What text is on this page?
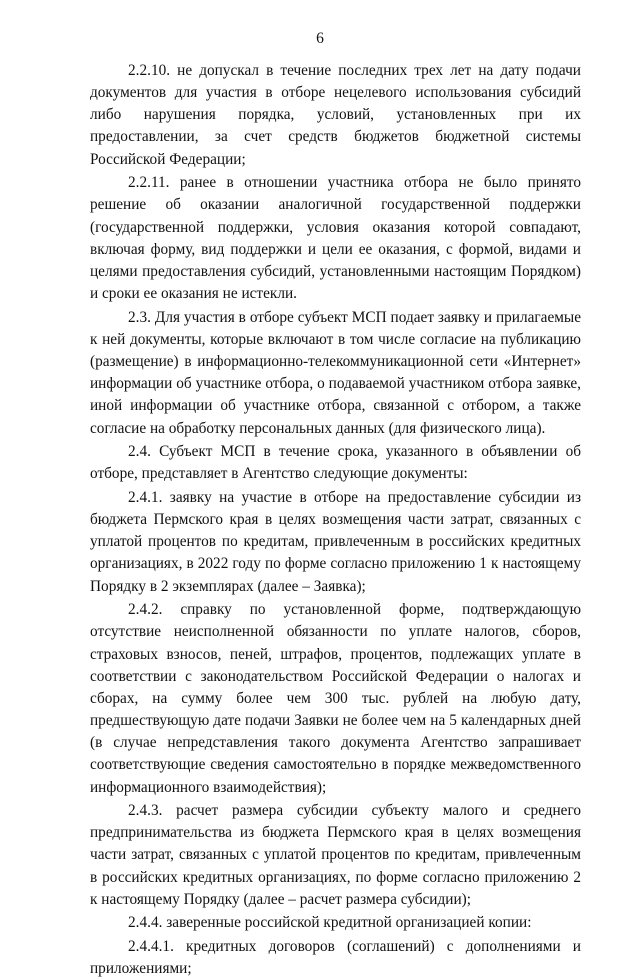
6

2.2.10. не допускал в течение последних трех лет на дату подачи документов для участия в отборе нецелевого использования субсидий либо нарушения порядка, условий, установленных при их предоставлении, за счет средств бюджетов бюджетной системы Российской Федерации;

2.2.11. ранее в отношении участника отбора не было принято решение об оказании аналогичной государственной поддержки (государственной поддержки, условия оказания которой совпадают, включая форму, вид поддержки и цели ее оказания, с формой, видами и целями предоставления субсидий, установленными настоящим Порядком) и сроки ее оказания не истекли.

2.3. Для участия в отборе субъект МСП подает заявку и прилагаемые к ней документы, которые включают в том числе согласие на публикацию (размещение) в информационно-телекоммуникационной сети «Интернет» информации об участнике отбора, о подаваемой участником отбора заявке, иной информации об участнике отбора, связанной с отбором, а также согласие на обработку персональных данных (для физического лица).

2.4. Субъект МСП в течение срока, указанного в объявлении об отборе, представляет в Агентство следующие документы:

2.4.1. заявку на участие в отборе на предоставление субсидии из бюджета Пермского края в целях возмещения части затрат, связанных с уплатой процентов по кредитам, привлеченным в российских кредитных организациях, в 2022 году по форме согласно приложению 1 к настоящему Порядку в 2 экземплярах (далее – Заявка);

2.4.2. справку по установленной форме, подтверждающую отсутствие неисполненной обязанности по уплате налогов, сборов, страховых взносов, пеней, штрафов, процентов, подлежащих уплате в соответствии с законодательством Российской Федерации о налогах и сборах, на сумму более чем 300 тыс. рублей на любую дату, предшествующую дате подачи Заявки не более чем на 5 календарных дней (в случае непредставления такого документа Агентство запрашивает соответствующие сведения самостоятельно в порядке межведомственного информационного взаимодействия);

2.4.3. расчет размера субсидии субъекту малого и среднего предпринимательства из бюджета Пермского края в целях возмещения части затрат, связанных с уплатой процентов по кредитам, привлеченным в российских кредитных организациях, по форме согласно приложению 2 к настоящему Порядку (далее – расчет размера субсидии);

2.4.4. заверенные российской кредитной организацией копии:

2.4.4.1. кредитных договоров (соглашений) с дополнениями и приложениями;
